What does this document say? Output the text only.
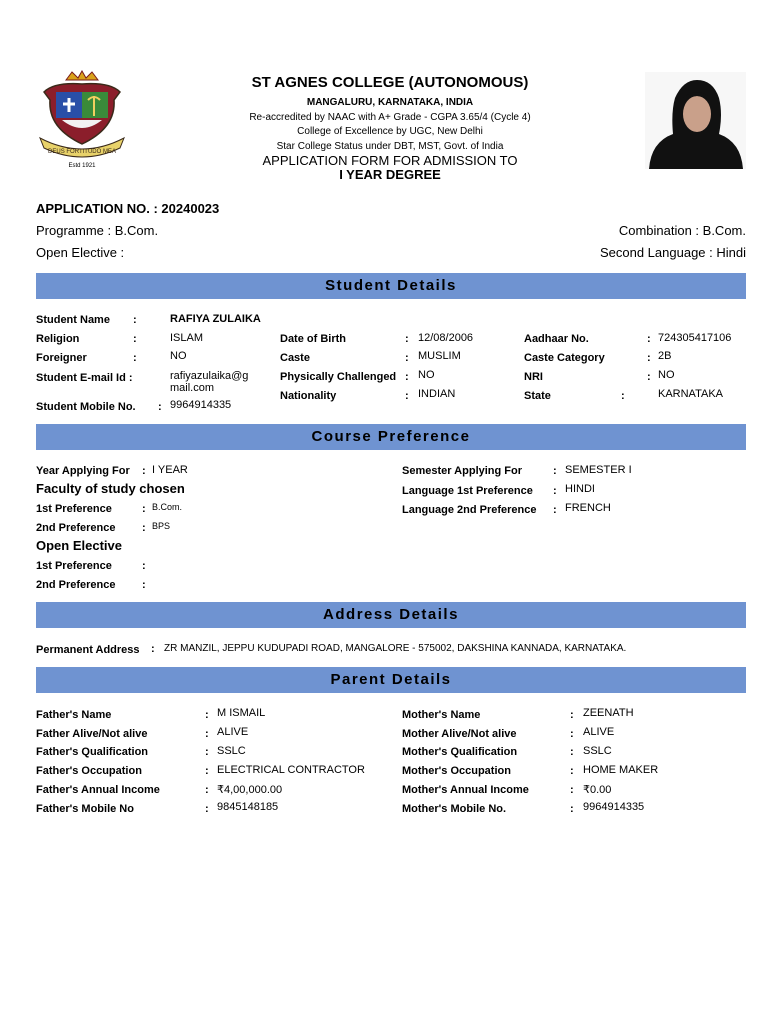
DEUS FORTITUDO MEA
Estd 1921
ST AGNES COLLEGE (AUTONOMOUS)
MANGALURU, KARNATAKA, INDIA
Re-accredited by NAAC with A+ Grade - CGPA 3.65/4 (Cycle 4)
College of Excellence by UGC, New Delhi
Star College Status under DBT, MST, Govt. of India
APPLICATION FORM FOR ADMISSION TO
I YEAR DEGREE
APPLICATION NO. : 20240023
Programme : B.Com.	Combination : B.Com.
Open Elective :	Second Language : Hindi
Student Details
Student Name :	RAFIYA ZULAIKA
Religion	:	ISLAM
Foreigner	:	NO
Student E-mail Id :	rafiyazulaika@g
mail.com
Student Mobile No. : 9964914335
Date of Birth	: 12/08/2006
Caste	: MUSLIM
Physically Challenged : NO
Nationality	: INDIAN
Aadhaar No.	: 724305417106
Caste Category	: 2B
NRI	: NO
State	:	KARNATAKA
Course Preference
Year Applying For : I YEAR
Faculty of study chosen
1st Preference	: B.Com.
2nd Preference : BPS
Open Elective
1st Preference	:
2nd Preference :
Semester Applying For	: SEMESTER I
Language 1st Preference : HINDI
Language 2nd Preference : FRENCH
Address Details
Permanent Address : ZR MANZIL, JEPPU KUDUPADI ROAD, MANGALORE - 575002, DAKSHINA KANNADA, KARNATAKA.
Parent Details
Father's Name	: M ISMAIL
Father Alive/Not alive	: ALIVE
Father's Qualification	: SSLC
Father's Occupation	: ELECTRICAL CONTRACTOR
Father's Annual Income	: ₹4,00,000.00
Father's Mobile No	: 9845148185
Mother's Name	: ZEENATH
Mother Alive/Not alive	: ALIVE
Mother's Qualification	: SSLC
Mother's Occupation	: HOME MAKER
Mother's Annual Income	: ₹0.00
Mother's Mobile No.	: 9964914335
